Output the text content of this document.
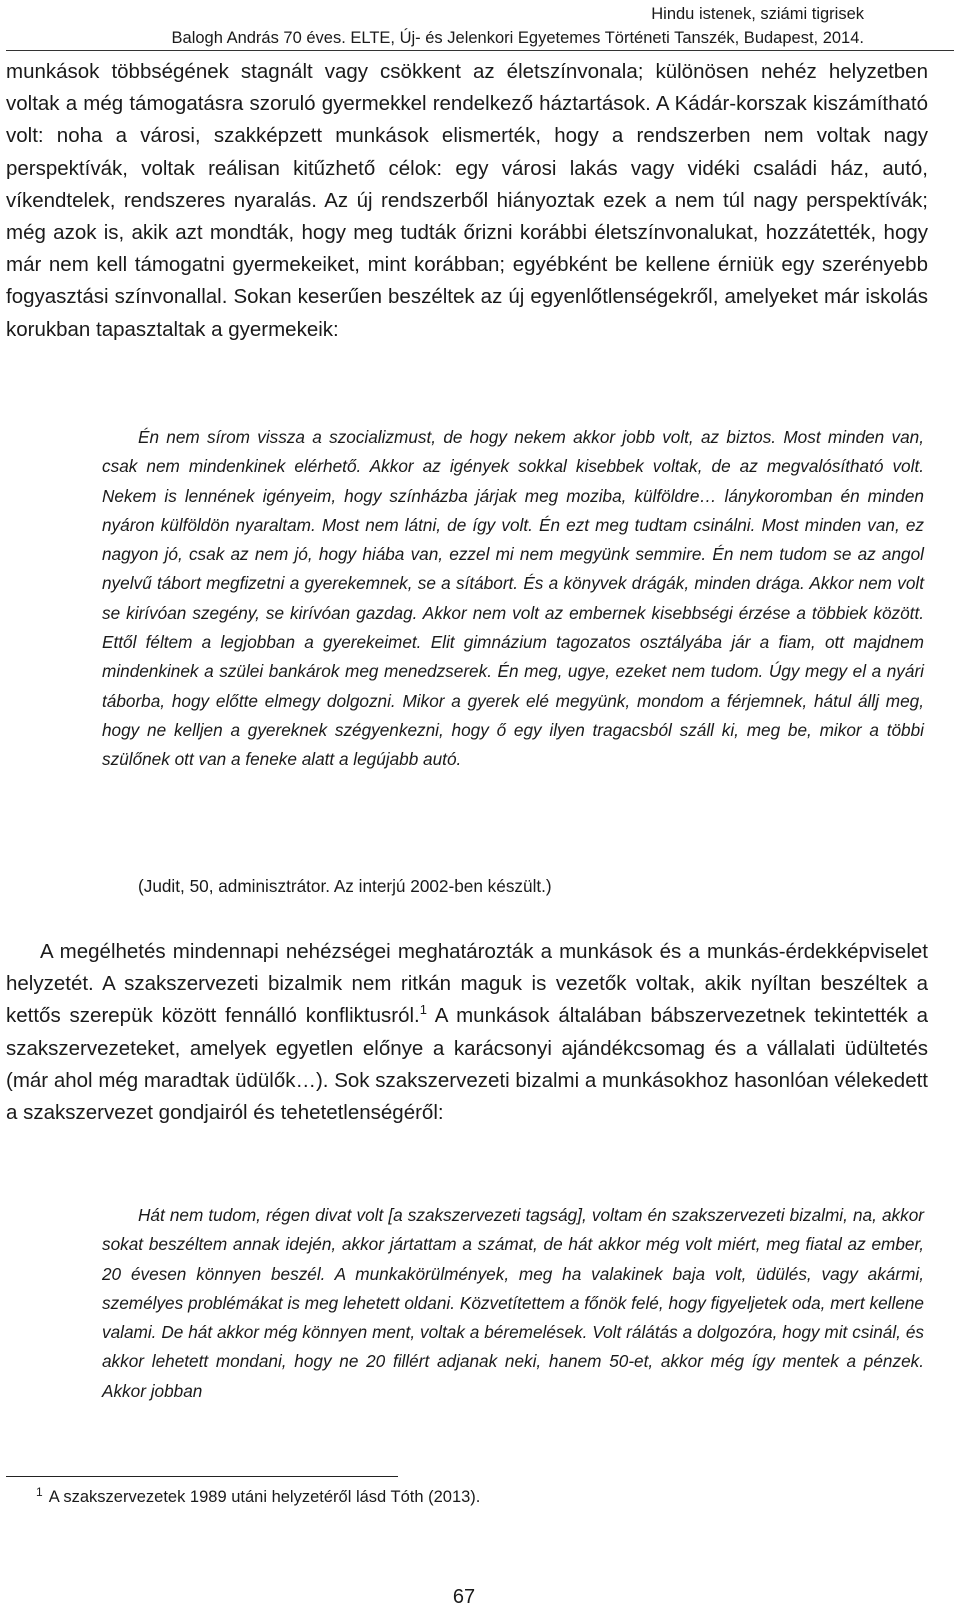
Hindu istenek, sziámi tigrisek
Balogh András 70 éves. ELTE, Új- és Jelenkori Egyetemes Történeti Tanszék, Budapest, 2014.

munkások többségének stagnált vagy csökkent az életszínvonala; különösen nehéz helyzetben voltak a még támogatásra szoruló gyermekkel rendelkező háztartások. A Kádár-korszak kiszámítható volt: noha a városi, szakképzett munkások elismerték, hogy a rendszerben nem voltak nagy perspektívák, voltak reálisan kitűzhető célok: egy városi lakás vagy vidéki családi ház, autó, víkendtelek, rendszeres nyaralás. Az új rendszerből hiányoztak ezek a nem túl nagy perspektívák; még azok is, akik azt mondták, hogy meg tudták őrizni korábbi életszínvonalukat, hozzátették, hogy már nem kell támogatni gyermekeiket, mint korábban; egyébként be kellene érniük egy szerényebb fogyasztási színvonallal. Sokan keserűen beszéltek az új egyenlőtlenségekről, amelyeket már iskolás korukban tapasztaltak a gyermekeik:

Én nem sírom vissza a szocializmust, de hogy nekem akkor jobb volt, az biztos. Most minden van, csak nem mindenkinek elérhető. Akkor az igények sokkal kisebbek voltak, de az megvalósítható volt. Nekem is lennének igényeim, hogy színházba járjak meg moziba, külföldre… lánykoromban én minden nyáron külföldön nyaraltam. Most nem látni, de így volt. Én ezt meg tudtam csinálni. Most minden van, ez nagyon jó, csak az nem jó, hogy hiába van, ezzel mi nem megyünk semmire. Én nem tudom se az angol nyelvű tábort megfizetni a gyerekemnek, se a sítábort. És a könyvek drágák, minden drága. Akkor nem volt se kirívóan szegény, se kirívóan gazdag. Akkor nem volt az embernek kisebbségi érzése a többiek között. Ettől féltem a legjobban a gyerekeimet. Elit gimnázium tagozatos osztályába jár a fiam, ott majdnem mindenkinek a szülei bankárok meg menedzserek. Én meg, ugye, ezeket nem tudom. Úgy megy el a nyári táborba, hogy előtte elmegy dolgozni. Mikor a gyerek elé megyünk, mondom a férjemnek, hátul állj meg, hogy ne kelljen a gyereknek szégyenkezni, hogy ő egy ilyen tragacsból száll ki, meg be, mikor a többi szülőnek ott van a feneke alatt a legújabb autó.

(Judit, 50, adminisztrátor. Az interjú 2002-ben készült.)

A megélhetés mindennapi nehézségei meghatározták a munkások és a munkás-érdekképviselet helyzetét. A szakszervezeti bizalmik nem ritkán maguk is vezetők voltak, akik nyíltan beszéltek a kettős szerepük között fennálló konfliktusról.$^1$ A munkások általában bábszervezetnek tekintették a szakszervezeteket, amelyek egyetlen előnye a karácsonyi ajándékcsomag és a vállalati üdültetés (már ahol még maradtak üdülők…). Sok szakszervezeti bizalmi a munkásokhoz hasonlóan vélekedett a szakszervezet gondjairól és tehetetlenségéről:

Hát nem tudom, régen divat volt [a szakszervezeti tagság], voltam én szakszervezeti bizalmi, na, akkor sokat beszéltem annak idején, akkor jártattam a számat, de hát akkor még volt miért, meg fiatal az ember, 20 évesen könnyen beszél. A munkakörülmények, meg ha valakinek baja volt, üdülés, vagy akármi, személyes problémákat is meg lehetett oldani. Közvetítettem a főnök felé, hogy figyeljetek oda, mert kellene valami. De hát akkor még könnyen ment, voltak a béremelések. Volt rálátás a dolgozóra, hogy mit csinál, és akkor lehetett mondani, hogy ne 20 fillért adjanak neki, hanem 50-et, akkor még így mentek a pénzek. Akkor jobban

$^1$ A szakszervezetek 1989 utáni helyzetéről lásd Tóth (2013).

67
